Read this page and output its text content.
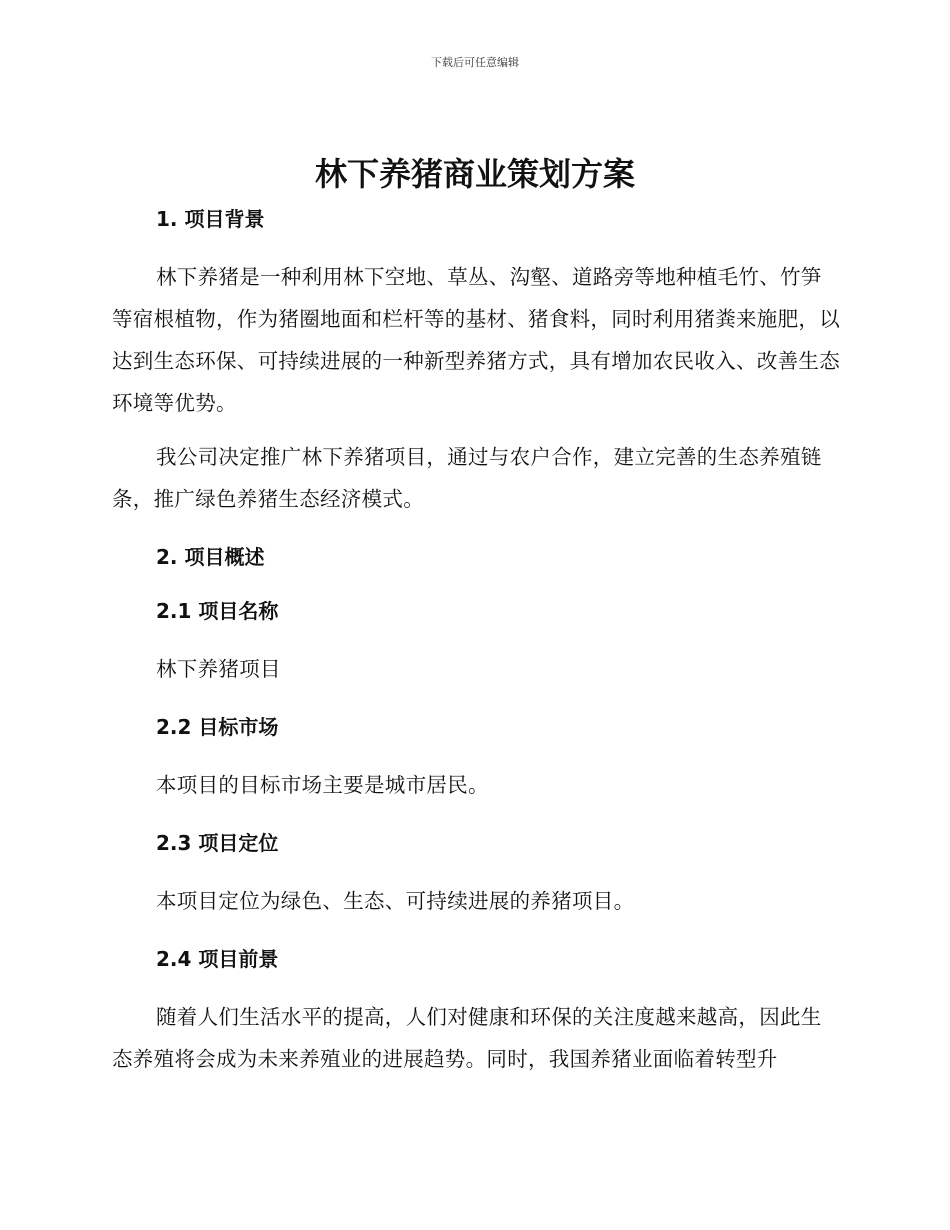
下载后可任意编辑
林下养猪商业策划方案
1. 项目背景

林下养猪是一种利用林下空地、草丛、沟壑、道路旁等地种植毛竹、竹笋等宿根植物，作为猪圈地面和栏杆等的基材、猪食料，同时利用猪粪来施肥，以达到生态环保、可持续进展的一种新型养猪方式，具有增加农民收入、改善生态环境等优势。

我公司决定推广林下养猪项目，通过与农户合作，建立完善的生态养殖链条，推广绿色养猪生态经济模式。

2. 项目概述
2.1 项目名称

林下养猪项目

2.2 目标市场

本项目的目标市场主要是城市居民。

2.3 项目定位

本项目定位为绿色、生态、可持续进展的养猪项目。

2.4 项目前景

随着人们生活水平的提高，人们对健康和环保的关注度越来越高，因此生态养殖将会成为未来养殖业的进展趋势。同时，我国养猪业面临着转型升
